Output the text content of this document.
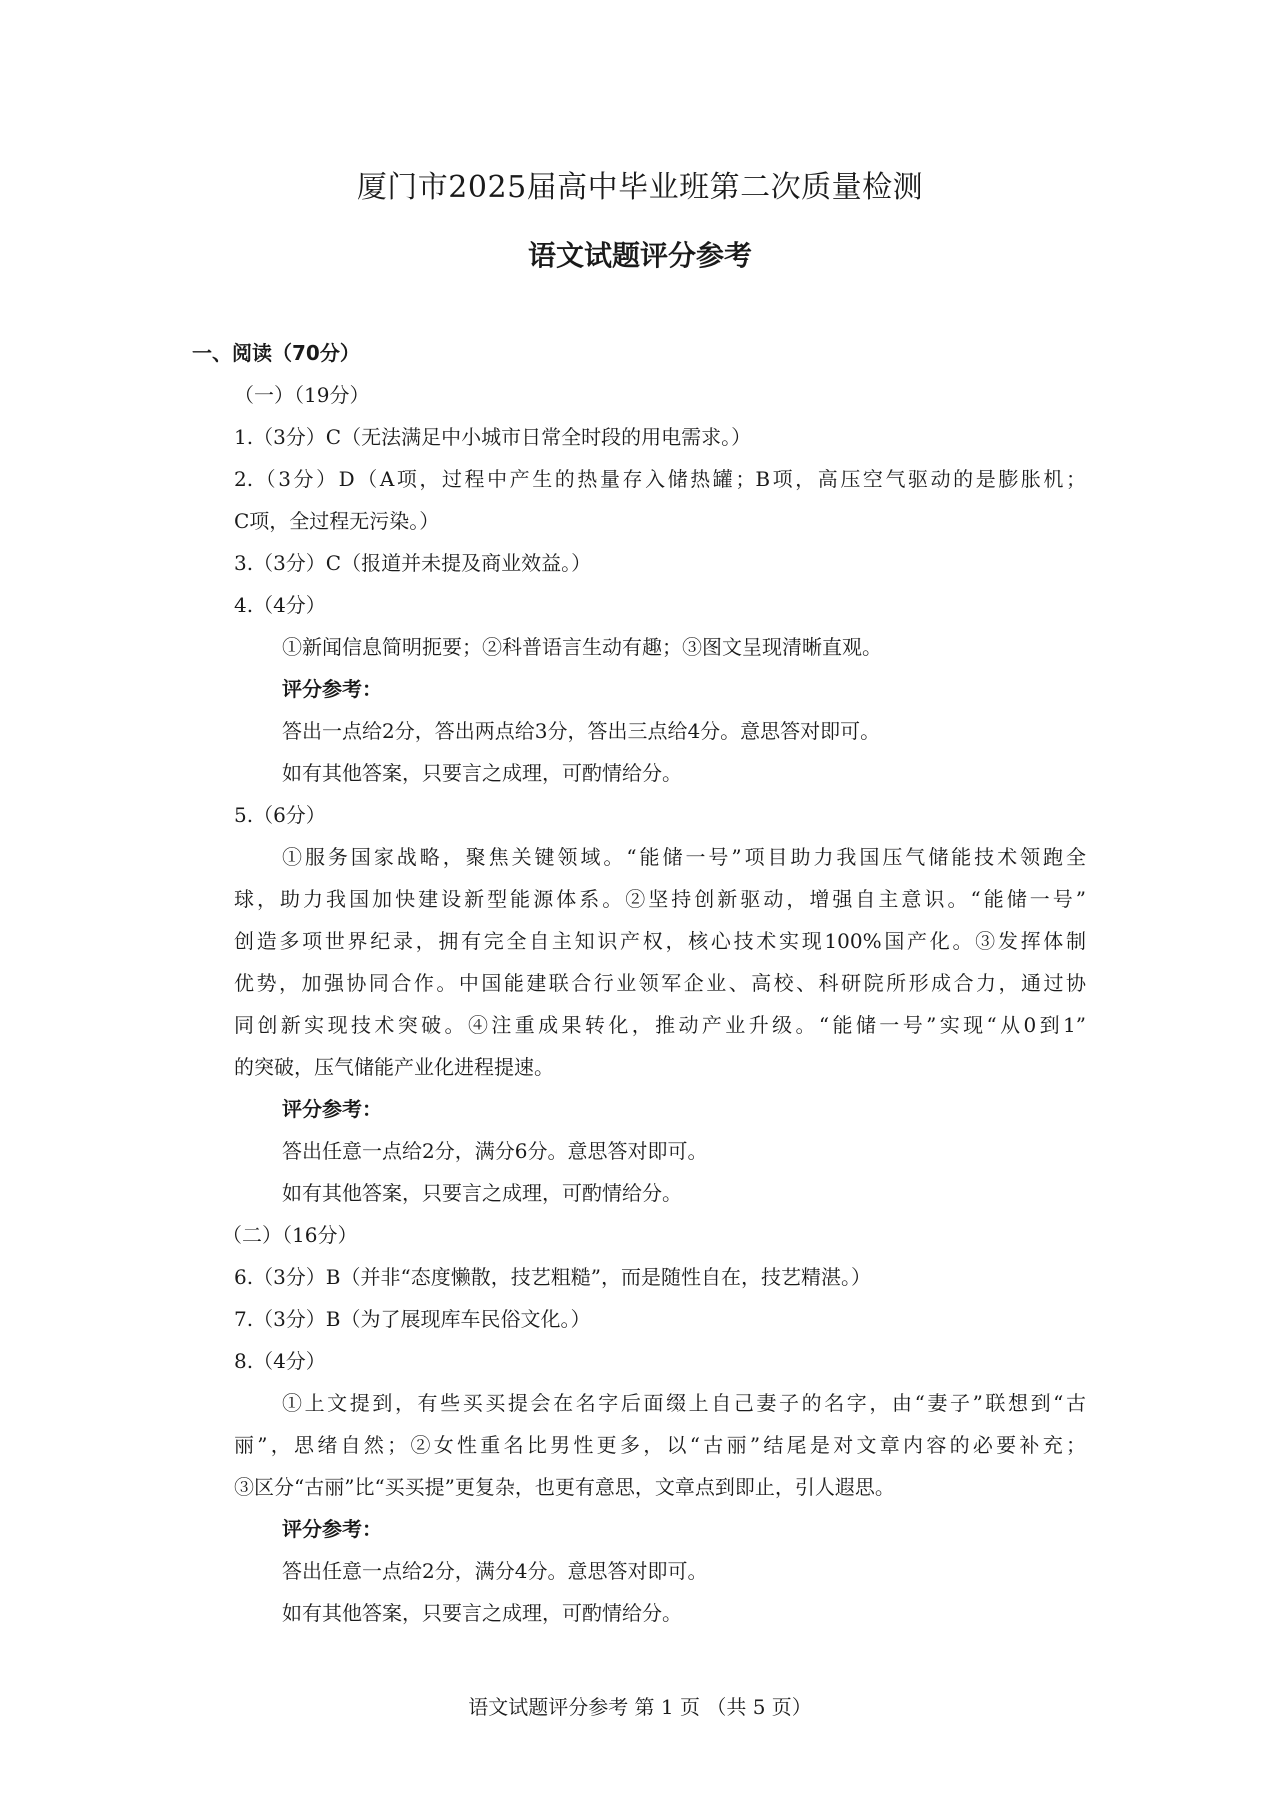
厦门市2025届高中毕业班第二次质量检测
语文试题评分参考
一、阅读（70分）
（一）（19分）
1.（3分）C（无法满足中小城市日常全时段的用电需求。）
2.（3分）D（A项，过程中产生的热量存入储热罐；B项，高压空气驱动的是膨胀机；
C项，全过程无污染。）
3.（3分）C（报道并未提及商业效益。）
4.（4分）
①新闻信息简明扼要；②科普语言生动有趣；③图文呈现清晰直观。
评分参考：
答出一点给2分，答出两点给3分，答出三点给4分。意思答对即可。
如有其他答案，只要言之成理，可酌情给分。
5.（6分）
①服务国家战略，聚焦关键领域。“能储一号”项目助力我国压气储能技术领跑全
球，助力我国加快建设新型能源体系。②坚持创新驱动，增强自主意识。“能储一号”
创造多项世界纪录，拥有完全自主知识产权，核心技术实现100%国产化。③发挥体制
优势，加强协同合作。中国能建联合行业领军企业、高校、科研院所形成合力，通过协
同创新实现技术突破。④注重成果转化，推动产业升级。“能储一号”实现“从0到1”
的突破，压气储能产业化进程提速。
评分参考：
答出任意一点给2分，满分6分。意思答对即可。
如有其他答案，只要言之成理，可酌情给分。
（二）（16分）
6.（3分）B（并非“态度懒散，技艺粗糙”，而是随性自在，技艺精湛。）
7.（3分）B（为了展现库车民俗文化。）
8.（4分）
①上文提到，有些买买提会在名字后面缀上自己妻子的名字，由“妻子”联想到“古
丽”，思绪自然；②女性重名比男性更多，以“古丽”结尾是对文章内容的必要补充；
③区分“古丽”比“买买提”更复杂，也更有意思，文章点到即止，引人遐思。
评分参考：
答出任意一点给2分，满分4分。意思答对即可。
如有其他答案，只要言之成理，可酌情给分。
语文试题评分参考 第 1 页 （共 5 页）
